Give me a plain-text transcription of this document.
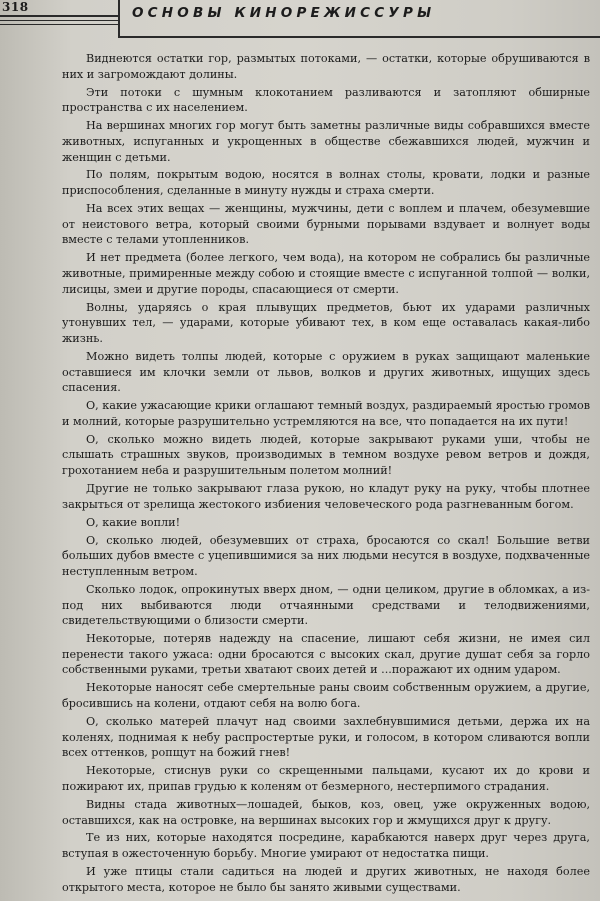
318	ОСНОВЫ КИНОРЕЖИССУРЫ

Виднеются остатки гор, размытых потоками, — остатки, которые обрушиваются в них и загромождают долины.

Эти потоки с шумным клокотанием разливаются и затопляют обширные пространства с их населением.

На вершинах многих гор могут быть заметны различные виды собравшихся вместе животных, испуганных и укрощенных в обществе сбежавшихся людей, мужчин и женщин с детьми.

По полям, покрытым водою, носятся в волнах столы, кровати, лодки и разные приспособления, сделанные в минуту нужды и страха смерти.

На всех этих вещах — женщины, мужчины, дети с воплем и плачем, обезумевшие от неистового ветра, который своими бурными порывами вздувает и волнует воды вместе с телами утопленников.

И нет предмета (более легкого, чем вода), на котором не собрались бы различные животные, примиренные между собою и стоящие вместе с испуганной толпой — волки, лисицы, змеи и другие породы, спасающиеся от смерти.

Волны, ударяясь о края плывущих предметов, бьют их ударами различных утонувших тел, — ударами, которые убивают тех, в ком еще оставалась какая-либо жизнь.

Можно видеть толпы людей, которые с оружием в руках защищают маленькие оставшиеся им клочки земли от львов, волков и других животных, ищущих здесь спасения.

О, какие ужасающие крики оглашают темный воздух, раздираемый яростью громов и молний, которые разрушительно устремляются на все, что попадается на их пути!

О, сколько можно видеть людей, которые закрывают руками уши, чтобы не слышать страшных звуков, производимых в темном воздухе ревом ветров и дождя, грохотанием неба и разрушительным полетом молний!

Другие не только закрывают глаза рукою, но кладут руку на руку, чтобы плотнее закрыться от зрелища жестокого избиения человеческого рода разгневанным богом.

О, какие вопли!

О, сколько людей, обезумевших от страха, бросаются со скал! Большие ветви больших дубов вместе с уцепившимися за них людьми несутся в воздухе, подхваченные неступленным ветром.

Сколько лодок, опрокинутых вверх дном, — одни целиком, другие в обломках, а из-под них выбиваются люди отчаянными средствами и телодвижениями, свидетельствующими о близости смерти.

Некоторые, потеряв надежду на спасение, лишают себя жизни, не имея сил перенести такого ужаса: одни бросаются с высоких скал, другие душат себя за горло собственными руками, третьи хватают своих детей и ...поражают их одним ударом.

Некоторые наносят себе смертельные раны своим собственным оружием, а другие, бросившись на колени, отдают себя на волю бога.

О, сколько матерей плачут над своими захлебнувшимися детьми, держа их на коленях, поднимая к небу распростертые руки, и голосом, в котором сливаются вопли всех оттенков, ропщут на божий гнев!

Некоторые, стиснув руки со скрещенными пальцами, кусают их до крови и пожирают их, припав грудью к коленям от безмерного, нестерпимого страдания.

Видны стада животных—лошадей, быков, коз, овец, уже окруженных водою, оставшихся, как на островке, на вершинах высоких гор и жмущихся друг к другу.

Те из них, которые находятся посредине, карабкаются наверх друг через друга, вступая в ожесточенную борьбу. Многие умирают от недостатка пищи.

И уже птицы стали садиться на людей и других животных, не находя более открытого места, которое не было бы занято живыми существами.
